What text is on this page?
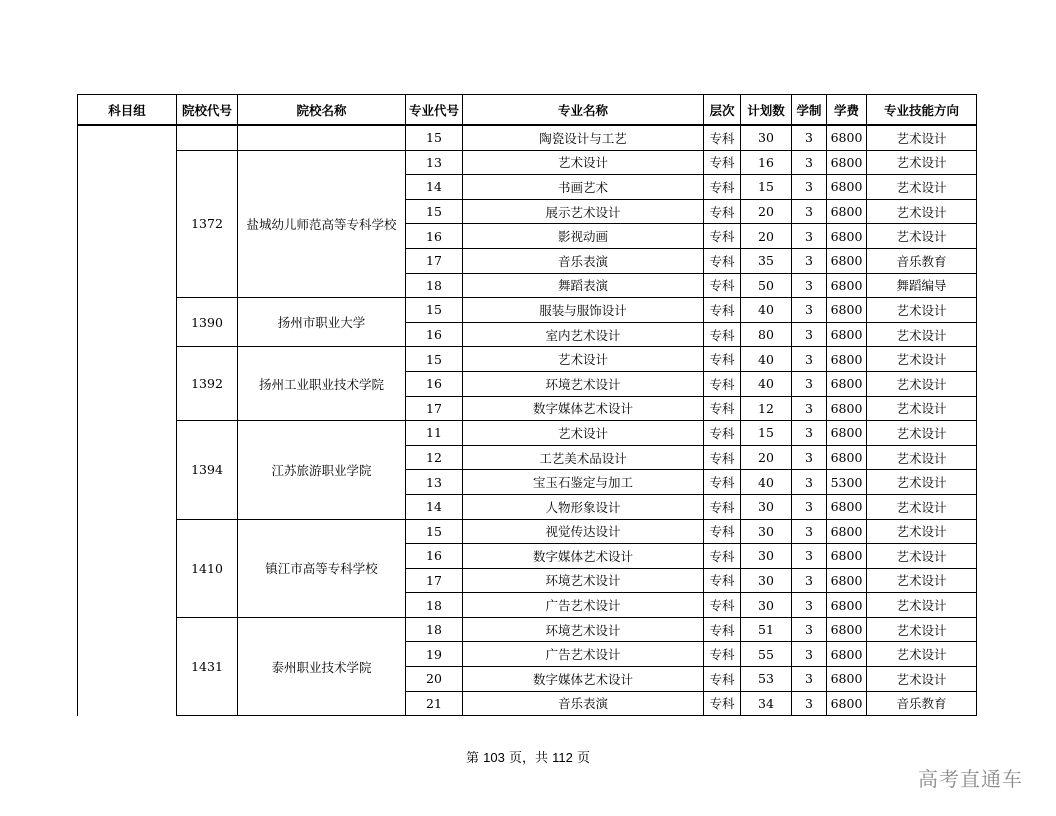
科目组	院校代号	院校名称	专业代号	专业名称	层次	计划数	学制	学费	专业技能方向
			15	陶瓷设计与工艺	专科	30	3	6800	艺术设计
	1372	盐城幼儿师范高等专科学校	13	艺术设计	专科	16	3	6800	艺术设计
			14	书画艺术	专科	15	3	6800	艺术设计
			15	展示艺术设计	专科	20	3	6800	艺术设计
			16	影视动画	专科	20	3	6800	艺术设计
			17	音乐表演	专科	35	3	6800	音乐教育
			18	舞蹈表演	专科	50	3	6800	舞蹈编导
	1390	扬州市职业大学	15	服装与服饰设计	专科	40	3	6800	艺术设计
			16	室内艺术设计	专科	80	3	6800	艺术设计
	1392	扬州工业职业技术学院	15	艺术设计	专科	40	3	6800	艺术设计
			16	环境艺术设计	专科	40	3	6800	艺术设计
			17	数字媒体艺术设计	专科	12	3	6800	艺术设计
	1394	江苏旅游职业学院	11	艺术设计	专科	15	3	6800	艺术设计
			12	工艺美术品设计	专科	20	3	6800	艺术设计
			13	宝玉石鉴定与加工	专科	40	3	5300	艺术设计
			14	人物形象设计	专科	30	3	6800	艺术设计
	1410	镇江市高等专科学校	15	视觉传达设计	专科	30	3	6800	艺术设计
			16	数字媒体艺术设计	专科	30	3	6800	艺术设计
			17	环境艺术设计	专科	30	3	6800	艺术设计
			18	广告艺术设计	专科	30	3	6800	艺术设计
	1431	泰州职业技术学院	18	环境艺术设计	专科	51	3	6800	艺术设计
			19	广告艺术设计	专科	55	3	6800	艺术设计
			20	数字媒体艺术设计	专科	53	3	6800	艺术设计
			21	音乐表演	专科	34	3	6800	音乐教育
第 103 页，共 112 页
高考直通车
